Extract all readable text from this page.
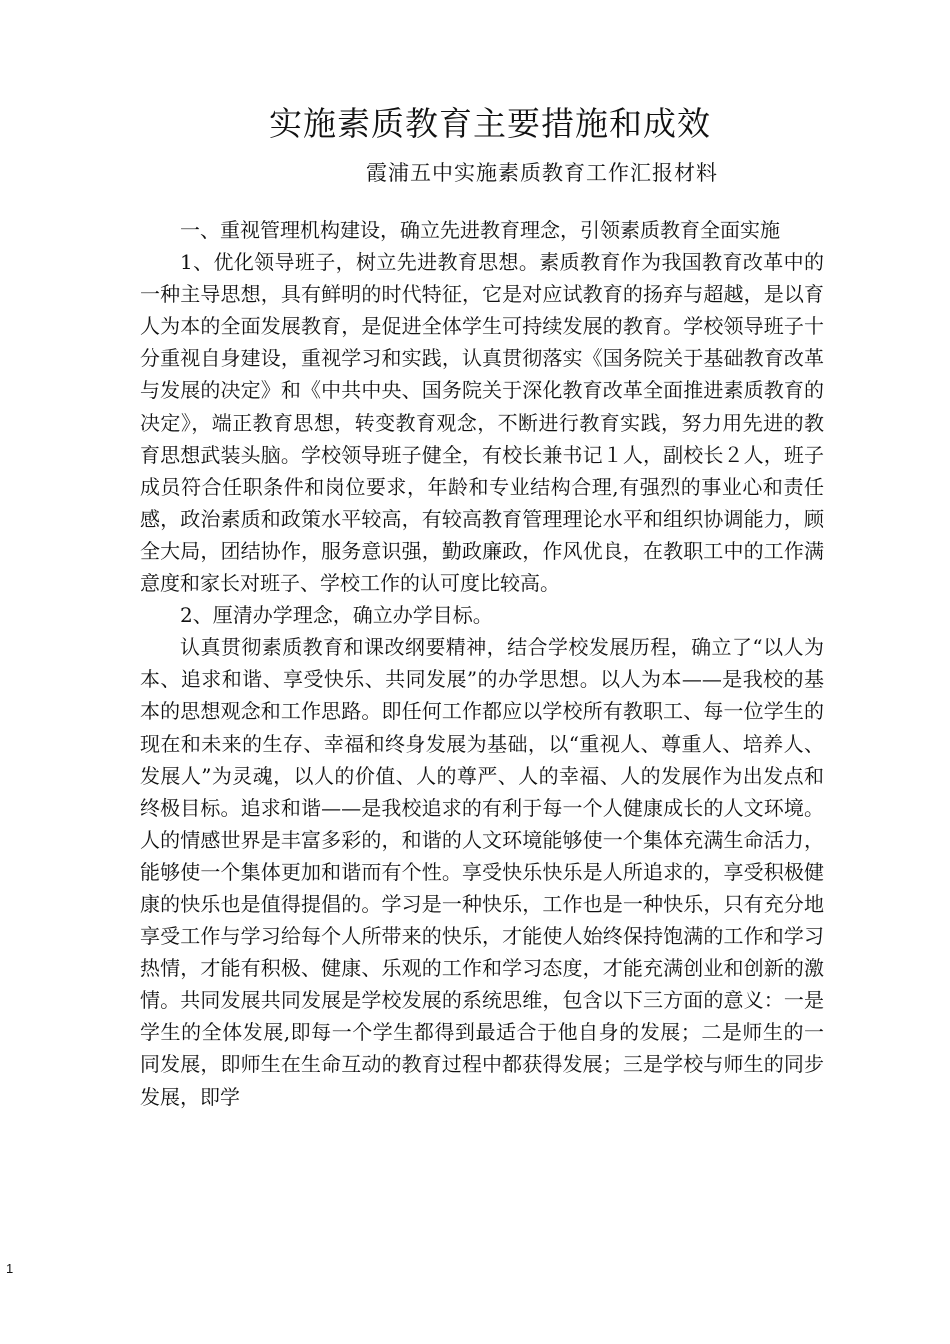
实施素质教育主要措施和成效
霞浦五中实施素质教育工作汇报材料

一、重视管理机构建设，确立先进教育理念，引领素质教育全面实施

1、优化领导班子，树立先进教育思想。素质教育作为我国教育改革中的一种主导思想，具有鲜明的时代特征，它是对应试教育的扬弃与超越，是以育人为本的全面发展教育，是促进全体学生可持续发展的教育。学校领导班子十分重视自身建设，重视学习和实践，认真贯彻落实《国务院关于基础教育改革与发展的决定》和《中共中央、国务院关于深化教育改革全面推进素质教育的决定》，端正教育思想，转变教育观念，不断进行教育实践，努力用先进的教育思想武装头脑。学校领导班子健全，有校长兼书记１人，副校长２人，班子成员符合任职条件和岗位要求，年龄和专业结构合理,有强烈的事业心和责任感，政治素质和政策水平较高，有较高教育管理理论水平和组织协调能力，顾全大局，团结协作，服务意识强，勤政廉政，作风优良，在教职工中的工作满意度和家长对班子、学校工作的认可度比较高。

2、厘清办学理念，确立办学目标。

认真贯彻素质教育和课改纲要精神，结合学校发展历程，确立了“以人为本、追求和谐、享受快乐、共同发展”的办学思想。以人为本——是我校的基本的思想观念和工作思路。即任何工作都应以学校所有教职工、每一位学生的现在和未来的生存、幸福和终身发展为基础，以“重视人、尊重人、培养人、发展人”为灵魂，以人的价值、人的尊严、人的幸福、人的发展作为出发点和终极目标。追求和谐——是我校追求的有利于每一个人健康成长的人文环境。人的情感世界是丰富多彩的，和谐的人文环境能够使一个集体充满生命活力，能够使一个集体更加和谐而有个性。享受快乐快乐是人所追求的，享受积极健康的快乐也是值得提倡的。学习是一种快乐，工作也是一种快乐，只有充分地享受工作与学习给每个人所带来的快乐，才能使人始终保持饱满的工作和学习热情，才能有积极、健康、乐观的工作和学习态度，才能充满创业和创新的激情。共同发展共同发展是学校发展的系统思维，包含以下三方面的意义：一是学生的全体发展,即每一个学生都得到最适合于他自身的发展；二是师生的一同发展，即师生在生命互动的教育过程中都获得发展；三是学校与师生的同步发展，即学

1
